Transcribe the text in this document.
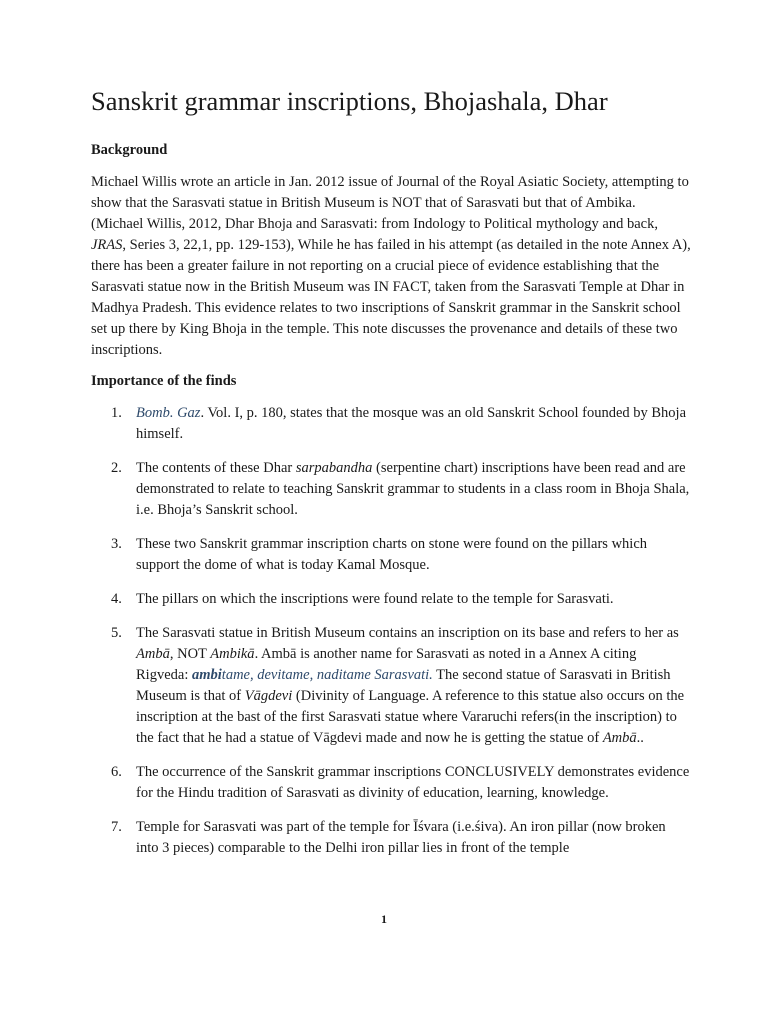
Sanskrit grammar inscriptions, Bhojashala, Dhar
Background

Michael Willis wrote an article in Jan. 2012 issue of Journal of the Royal Asiatic Society, attempting to show that the Sarasvati statue in British Museum is NOT that of Sarasvati but that of Ambika. (Michael Willis, 2012, Dhar Bhoja and Sarasvati: from Indology to Political mythology and back, JRAS, Series 3, 22,1, pp. 129-153), While he has failed in his attempt (as detailed in the note Annex A), there has been a greater failure in not reporting on a crucial piece of evidence establishing that the Sarasvati statue now in the British Museum was IN FACT, taken from the Sarasvati Temple at Dhar in Madhya Pradesh. This evidence relates to two inscriptions of Sanskrit grammar in the Sanskrit school set up there by King Bhoja in the temple. This note discusses the provenance and details of these two inscriptions.

Importance of the finds
1. Bomb. Gaz. Vol. I, p. 180, states that the mosque was an old Sanskrit School founded by Bhoja himself.
2. The contents of these Dhar sarpabandha (serpentine chart) inscriptions have been read and are demonstrated to relate to teaching Sanskrit grammar to students in a class room in Bhoja Shala, i.e. Bhoja’s Sanskrit school.
3. These two Sanskrit grammar inscription charts on stone were found on the pillars which support the dome of what is today Kamal Mosque.
4. The pillars on which the inscriptions were found relate to the temple for Sarasvati.
5. The Sarasvati statue in British Museum contains an inscription on its base and refers to her as Ambā, NOT Ambikā. Ambā is another name for Sarasvati as noted in a Annex A citing Rigveda: ambitame, devitame, naditame Sarasvati. The second statue of Sarasvati in British Museum is that of Vāgdevi (Divinity of Language. A reference to this statue also occurs on the inscription at the bast of the first Sarasvati statue where Vararuchi refers(in the inscription) to the fact that he had a statue of Vāgdevi made and now he is getting the statue of Ambā..
6. The occurrence of the Sanskrit grammar inscriptions CONCLUSIVELY demonstrates evidence for the Hindu tradition of Sarasvati as divinity of education, learning, knowledge.
7. Temple for Sarasvati was part of the temple for Īśvara (i.e.śiva). An iron pillar (now broken into 3 pieces) comparable to the Delhi iron pillar lies in front of the temple
1
